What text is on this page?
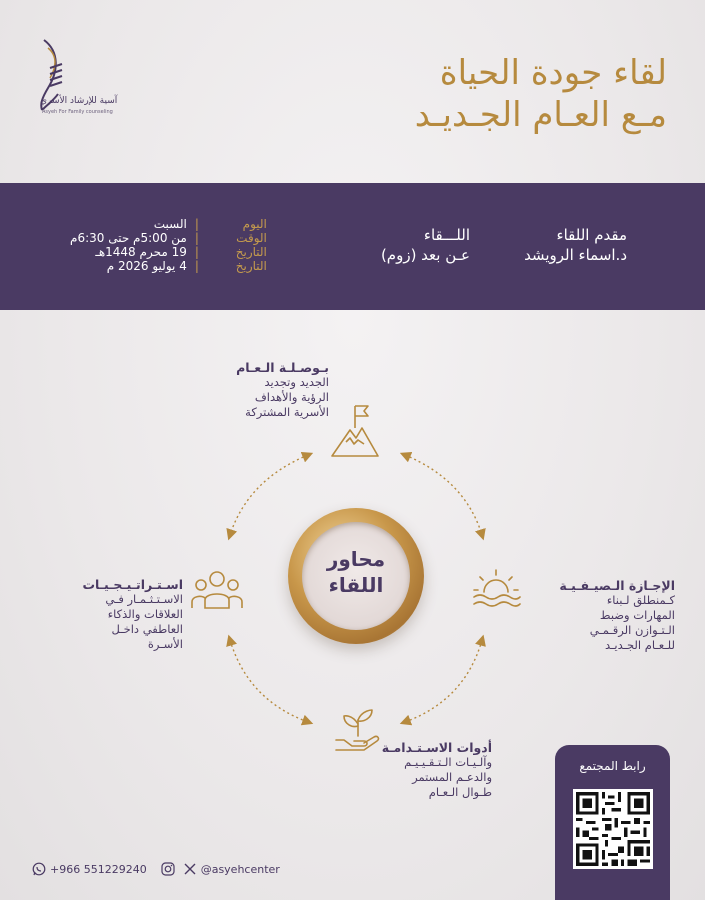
آسية للإرشاد الأسري
Asyeh For Family counseling
لقاء جودة الحياة
مـع العـام الجـديـد
اليوم
|
السبت
الوقت
|
من 5:00م حتى 6:30م
التاريخ
|
19 محرم 1448هـ
التاريخ
|
4 يوليو 2026 م
اللـــقاء
عـن بعد (زوم)
مقدم اللقاء
د.اسماء الرويشد
محاور
اللقاء
بـوصـلـة الـعـام
الجديد وتجديد
الرؤية والأهداف
الأسرية المشتركة
الإجـازة الـصيـفـيـة
كـمنطلق لـبناء
المهارات وضبط
الـتـوازن الرقـمـي
للـعـام الجـديـد
أدوات الاسـتـدامـة
وآلـيـات الـتـقـيـيـم
والدعـم المستمر
طـوال الـعـام
اسـتـراتـيـجـيـات
الاسـتـثـمـار فـي
العلاقات والذكاء
العاطفي داخـل
الأسـرة
رابط المجتمع
+966 551229240	@asyehcenter
